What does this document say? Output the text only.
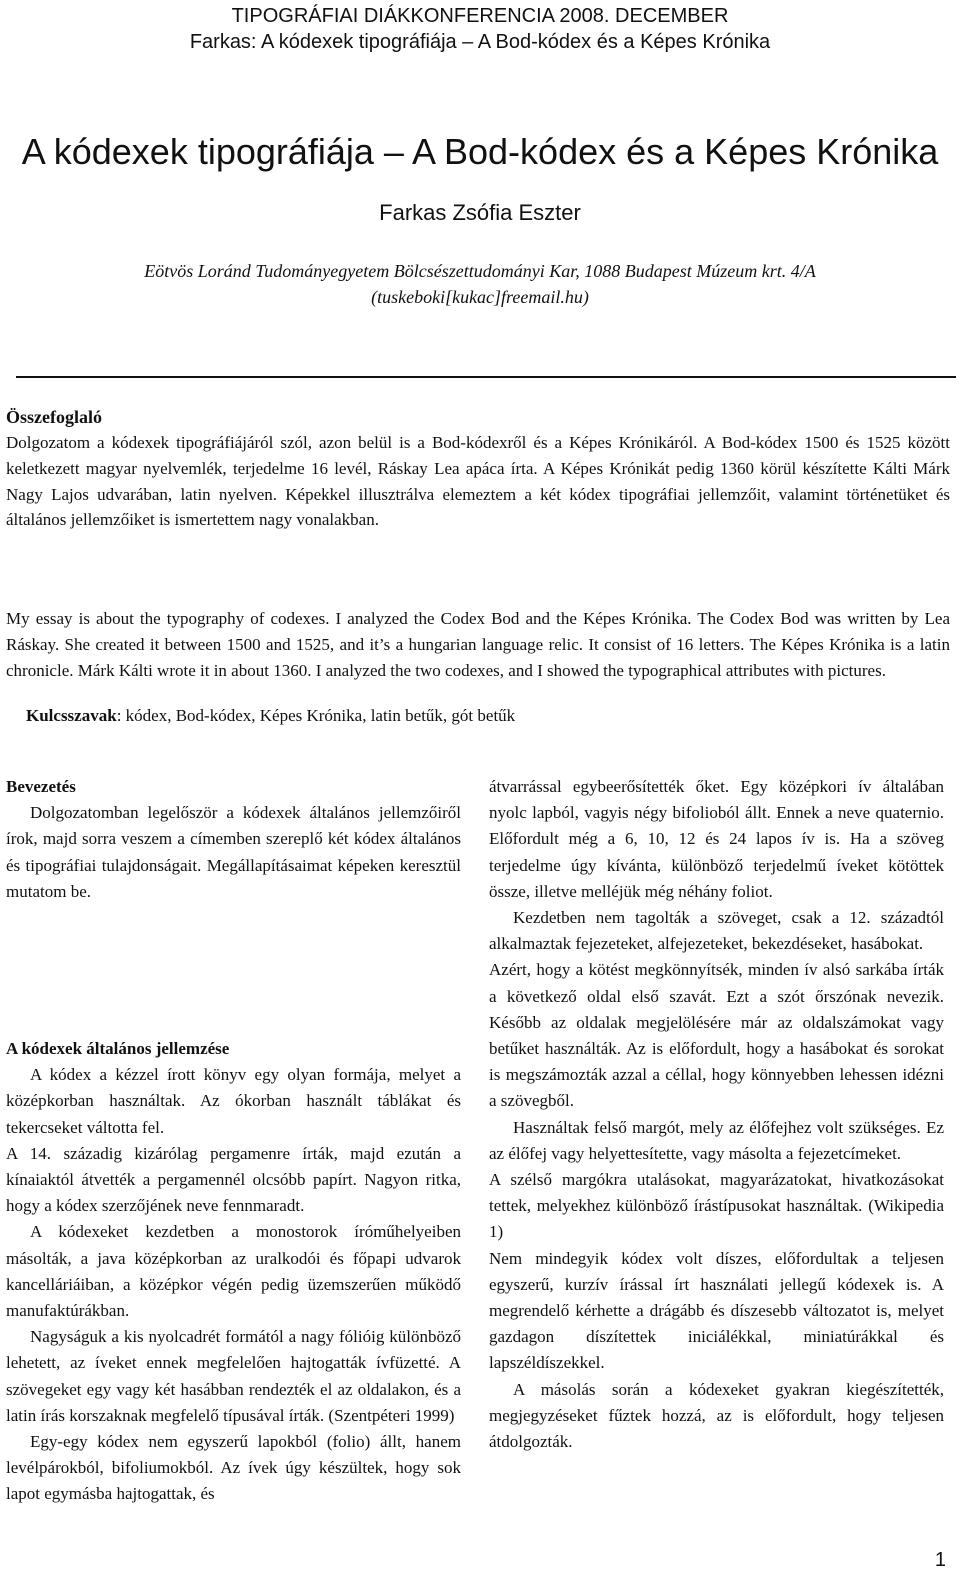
TIPOGRÁFIAI DIÁKKONFERENCIA 2008. DECEMBER
Farkas: A kódexek tipográfiája – A Bod-kódex és a Képes Krónika
A kódexek tipográfiája – A Bod-kódex és a Képes Krónika
Farkas Zsófia Eszter
Eötvös Loránd Tudományegyetem Bölcsészettudományi Kar, 1088 Budapest Múzeum krt. 4/A (tuskeboki[kukac]freemail.hu)
Összefoglaló
Dolgozatom a kódexek tipográfiájáról szól, azon belül is a Bod-kódexről és a Képes Krónikáról. A Bod-kódex 1500 és 1525 között keletkezett magyar nyelvemlék, terjedelme 16 levél, Ráskay Lea apáca írta. A Képes Krónikát pedig 1360 körül készítette Kálti Márk Nagy Lajos udvarában, latin nyelven. Képekkel illusztrálva elemeztem a két kódex tipográfiai jellemzőit, valamint történetüket és általános jellemzőiket is ismertettem nagy vonalakban.
My essay is about the typography of codexes. I analyzed the Codex Bod and the Képes Krónika. The Codex Bod was written by Lea Ráskay. She created it between 1500 and 1525, and it’s a hungarian language relic. It consist of 16 letters. The Képes Krónika is a latin chronicle. Márk Kálti wrote it in about 1360. I analyzed the two codexes, and I showed the typographical attributes with pictures.
Kulcsszavak: kódex, Bod-kódex, Képes Krónika, latin betűk, gót betűk

Bevezetés

Dolgozatomban legelőször a kódexek általános jellemzőiről írok, majd sorra veszem a címemben szereplő két kódex általános és tipográfiai tulajdonságait. Megállapításaimat képeken keresztül mutatom be.

A kódexek általános jellemzése

A kódex a kézzel írott könyv egy olyan formája, melyet a középkorban használtak. Az ókorban használt táblákat és tekercseket váltotta fel.

A 14. századig kizárólag pergamenre írták, majd ezután a kínaiaktól átvették a pergamennél olcsóbb papírt. Nagyon ritka, hogy a kódex szerzőjének neve fennmaradt.

A kódexeket kezdetben a monostorok íróműhelyeiben másolták, a java középkorban az uralkodói és főpapi udvarok kancelláriáiban, a középkor végén pedig üzemszerűen működő manufaktúrákban.

Nagyságuk a kis nyolcadrét formától a nagy fólióig különböző lehetett, az íveket ennek megfelelően hajtogatták ívfüzetté. A szövegeket egy vagy két hasábban rendezték el az oldalakon, és a latin írás korszaknak megfelelő típusával írták. (Szentpéteri 1999)

Egy-egy kódex nem egyszerű lapokból (folio) állt, hanem levélpárokból, bifoliumokból. Az ívek úgy készültek, hogy sok lapot egymásba hajtogattak, és

átvarrással egybeerősítették őket. Egy középkori ív általában nyolc lapból, vagyis négy bifolioból állt. Ennek a neve quaternio. Előfordult még a 6, 10, 12 és 24 lapos ív is. Ha a szöveg terjedelme úgy kívánta, különböző terjedelmű íveket kötöttek össze, illetve melléjük még néhány foliot.

Kezdetben nem tagolták a szöveget, csak a 12. századtól alkalmaztak fejezeteket, alfejezeteket, bekezdéseket, hasábokat.

Azért, hogy a kötést megkönnyítsék, minden ív alsó sarkába írták a következő oldal első szavát. Ezt a szót őrszónak nevezik. Később az oldalak megjelölésére már az oldalszámokat vagy betűket használták. Az is előfordult, hogy a hasábokat és sorokat is megszámozták azzal a céllal, hogy könnyebben lehessen idézni a szövegből.

Használtak felső margót, mely az élőfejhez volt szükséges. Ez az élőfej vagy helyettesítette, vagy másolta a fejezetcímeket.

A szélső margókra utalásokat, magyarázatokat, hivatkozásokat tettek, melyekhez különböző írástípusokat használtak. (Wikipedia 1)

Nem mindegyik kódex volt díszes, előfordultak a teljesen egyszerű, kurzív írással írt használati jellegű kódexek is. A megrendelő kérhette a drágább és díszesebb változatot is, melyet gazdagon díszítettek iniciálékkal, miniatúrákkal és lapszéldíszekkel.

A másolás során a kódexeket gyakran kiegészítették, megjegyzéseket fűztek hozzá, az is előfordult, hogy teljesen átdolgozták.

1
